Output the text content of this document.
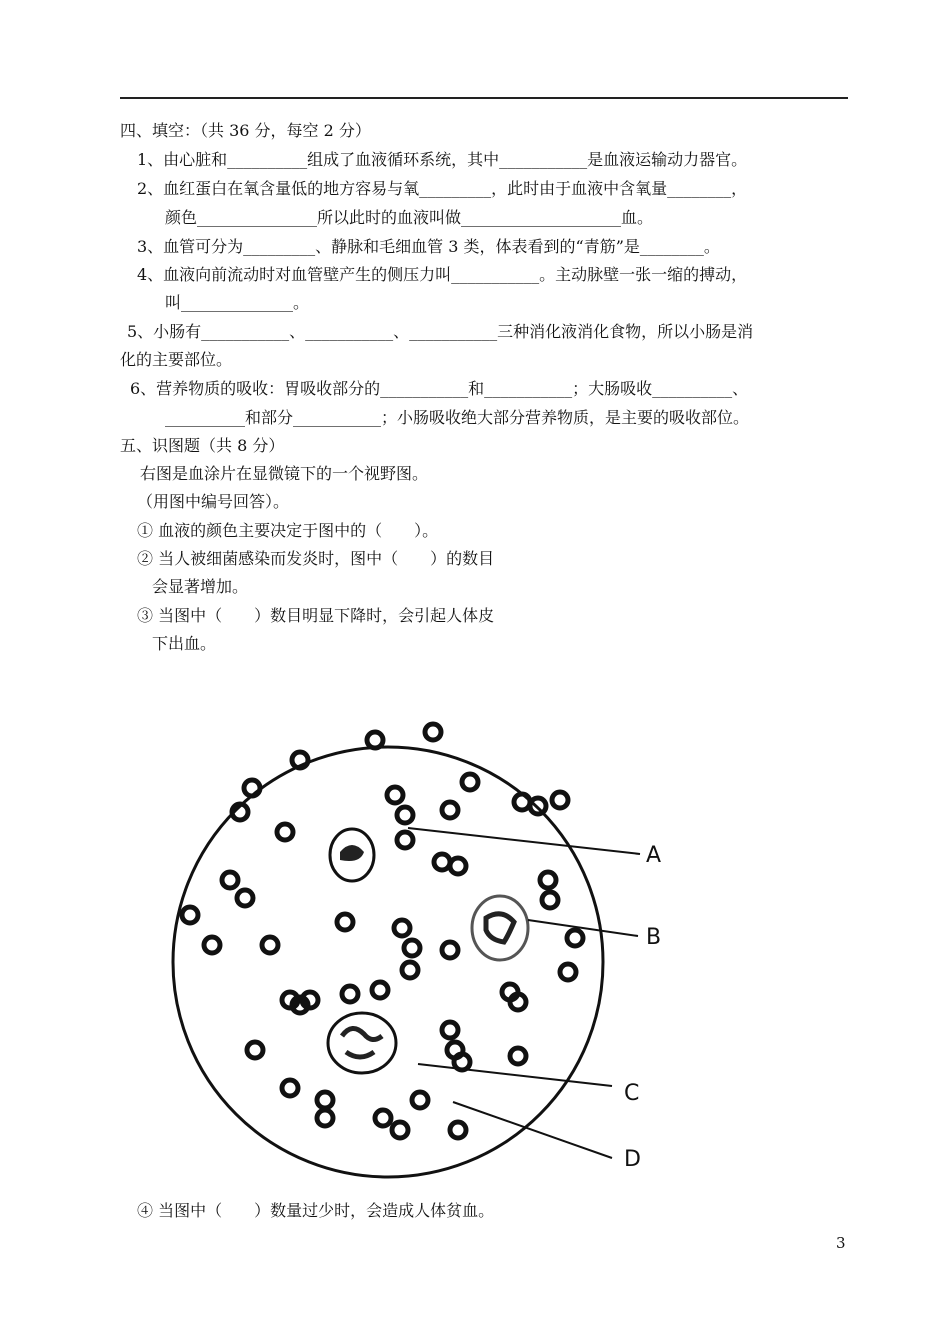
四、填空：（共 36 分，每空 2 分）
1、由心脏和__________组成了血液循环系统，其中___________是血液运输动力器官。
2、血红蛋白在氧含量低的地方容易与氧_________，此时由于血液中含氧量________，
颜色_______________所以此时的血液叫做____________________血。
3、血管可分为_________、静脉和毛细血管 3 类，体表看到的“青筋”是________。
4、血液向前流动时对血管壁产生的侧压力叫___________。主动脉壁一张一缩的搏动，
叫______________。
5、小肠有___________、___________、___________三种消化液消化食物，所以小肠是消
化的主要部位。
6、营养物质的吸收：胃吸收部分的___________和___________；大肠吸收__________、
__________和部分___________；小肠吸收绝大部分营养物质，是主要的吸收部位。
五、识图题（共 8 分）
右图是血涂片在显微镜下的一个视野图。
（用图中编号回答）。
① 血液的颜色主要决定于图中的（　　）。
② 当人被细菌感染而发炎时，图中（　　）的数目
会显著增加。
③ 当图中（　　）数目明显下降时，会引起人体皮
下出血。
A
B
C
D
④ 当图中（　　）数量过少时，会造成人体贫血。
3
